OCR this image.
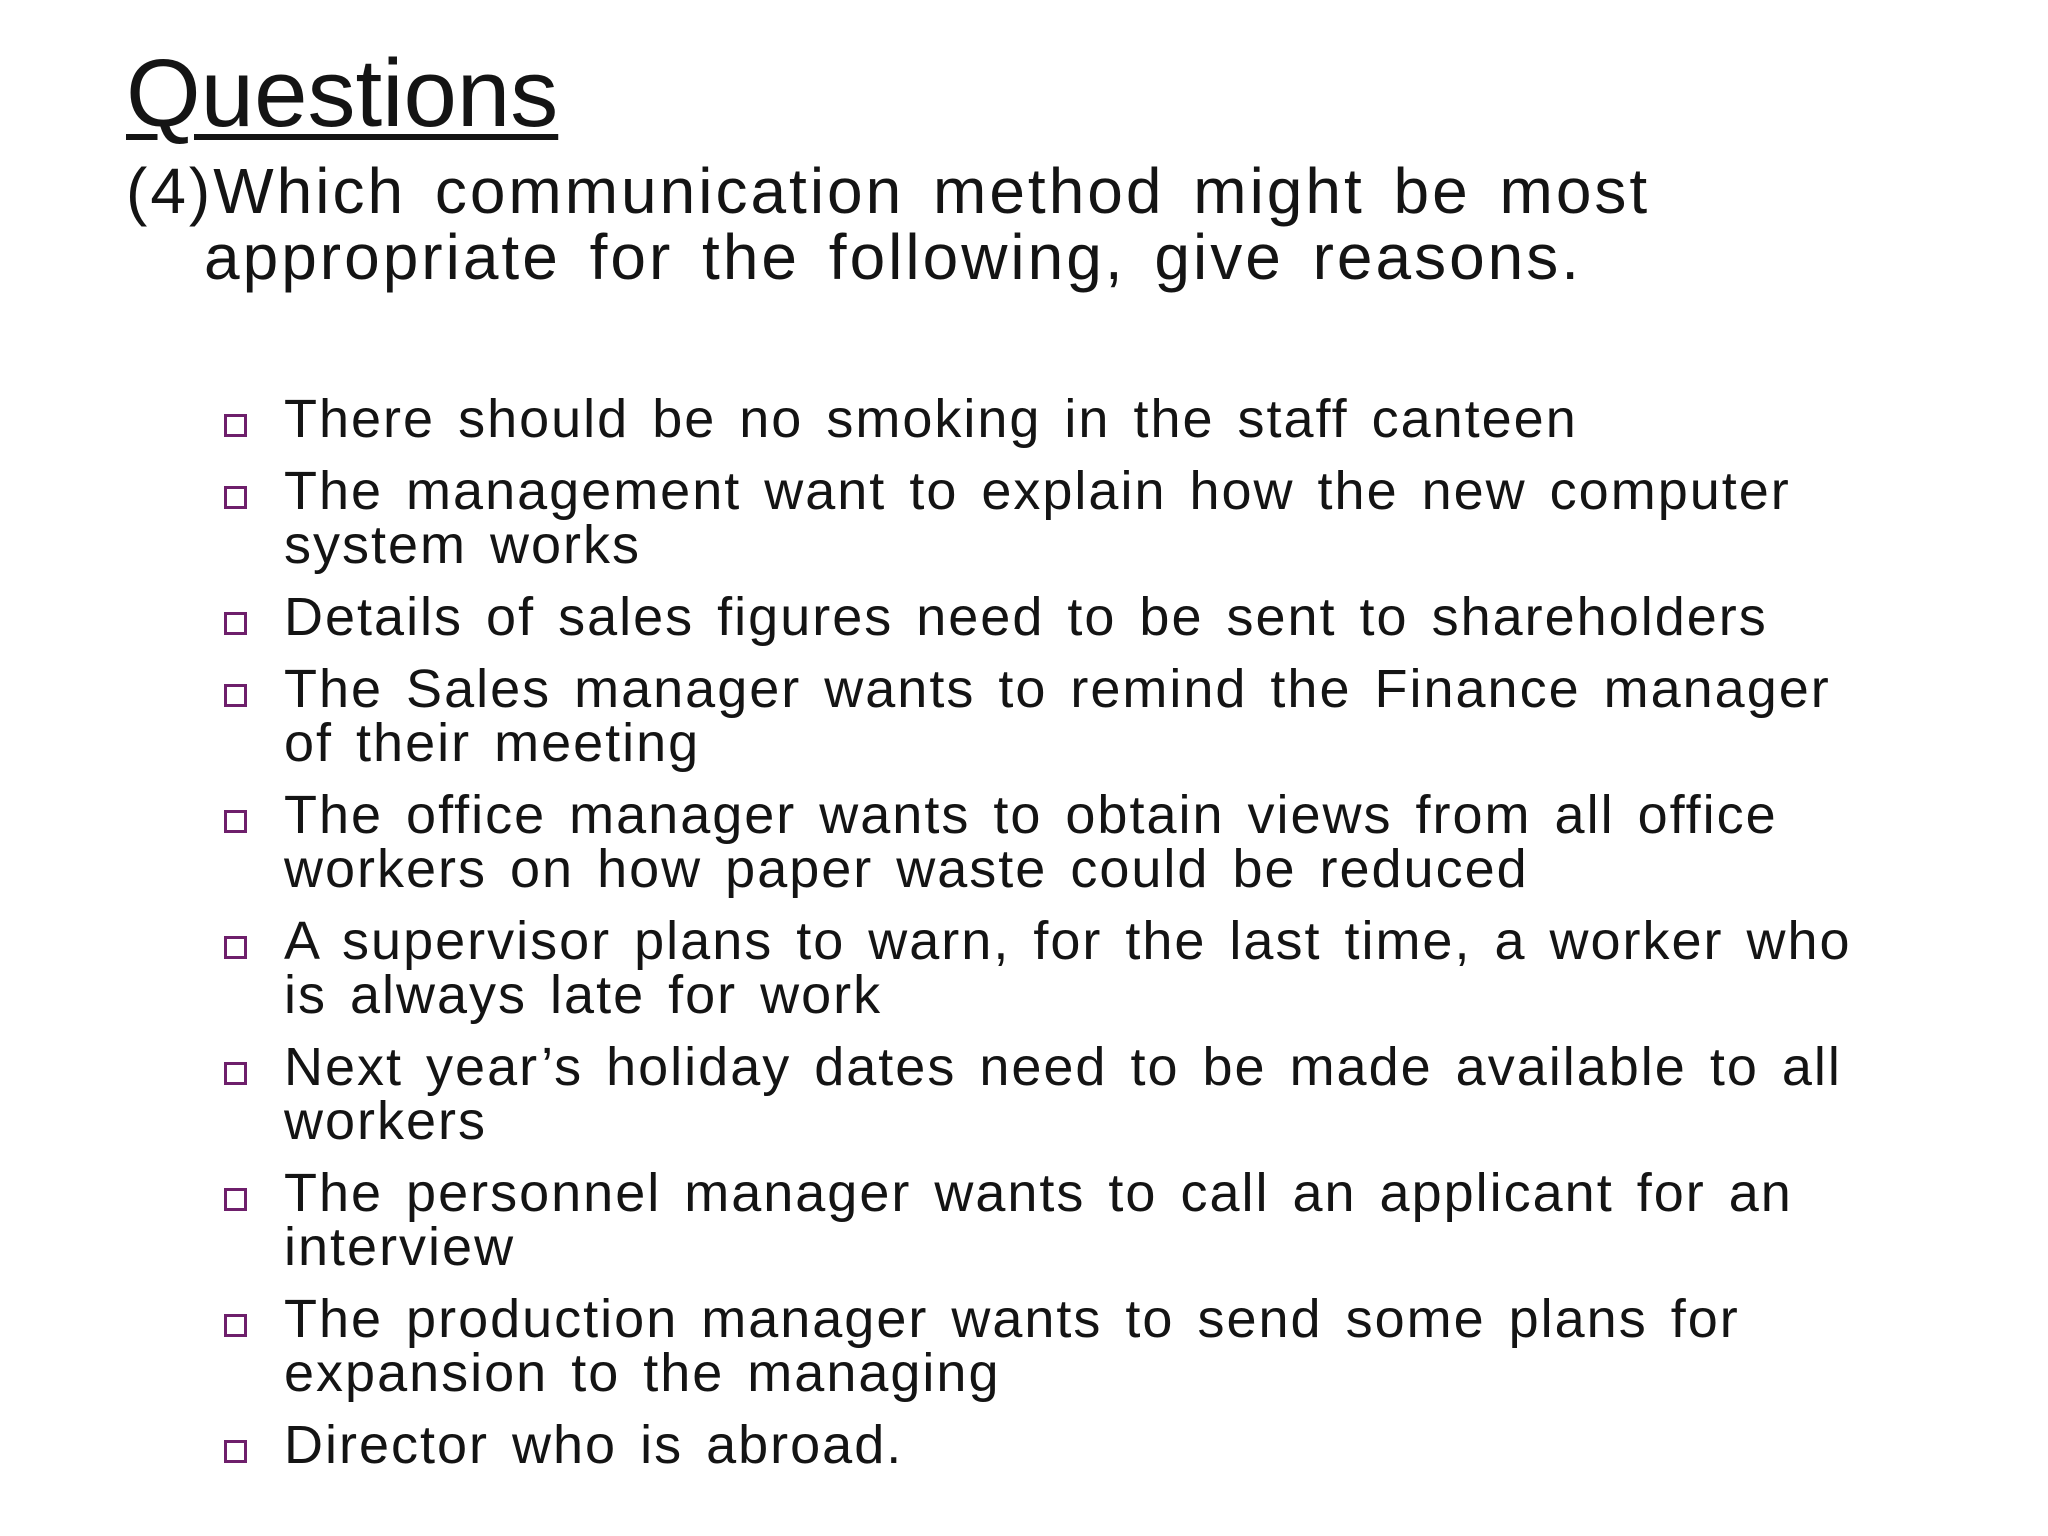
Questions
(4)Which communication method might be most
appropriate for the following, give reasons.
There should be no smoking in the staff canteen
The management want to explain how the new computer
system works
Details of sales figures need to be sent to shareholders
The Sales manager wants to remind the Finance manager
of their meeting
The office manager wants to obtain views from all office
workers on how paper waste could be reduced
A supervisor plans to warn, for the last time, a worker who
is always late for work
Next year’s holiday dates need to be made available to all
workers
The personnel manager wants to call an applicant for an
interview
The production manager wants to send some plans for
expansion to the managing
Director who is abroad.
